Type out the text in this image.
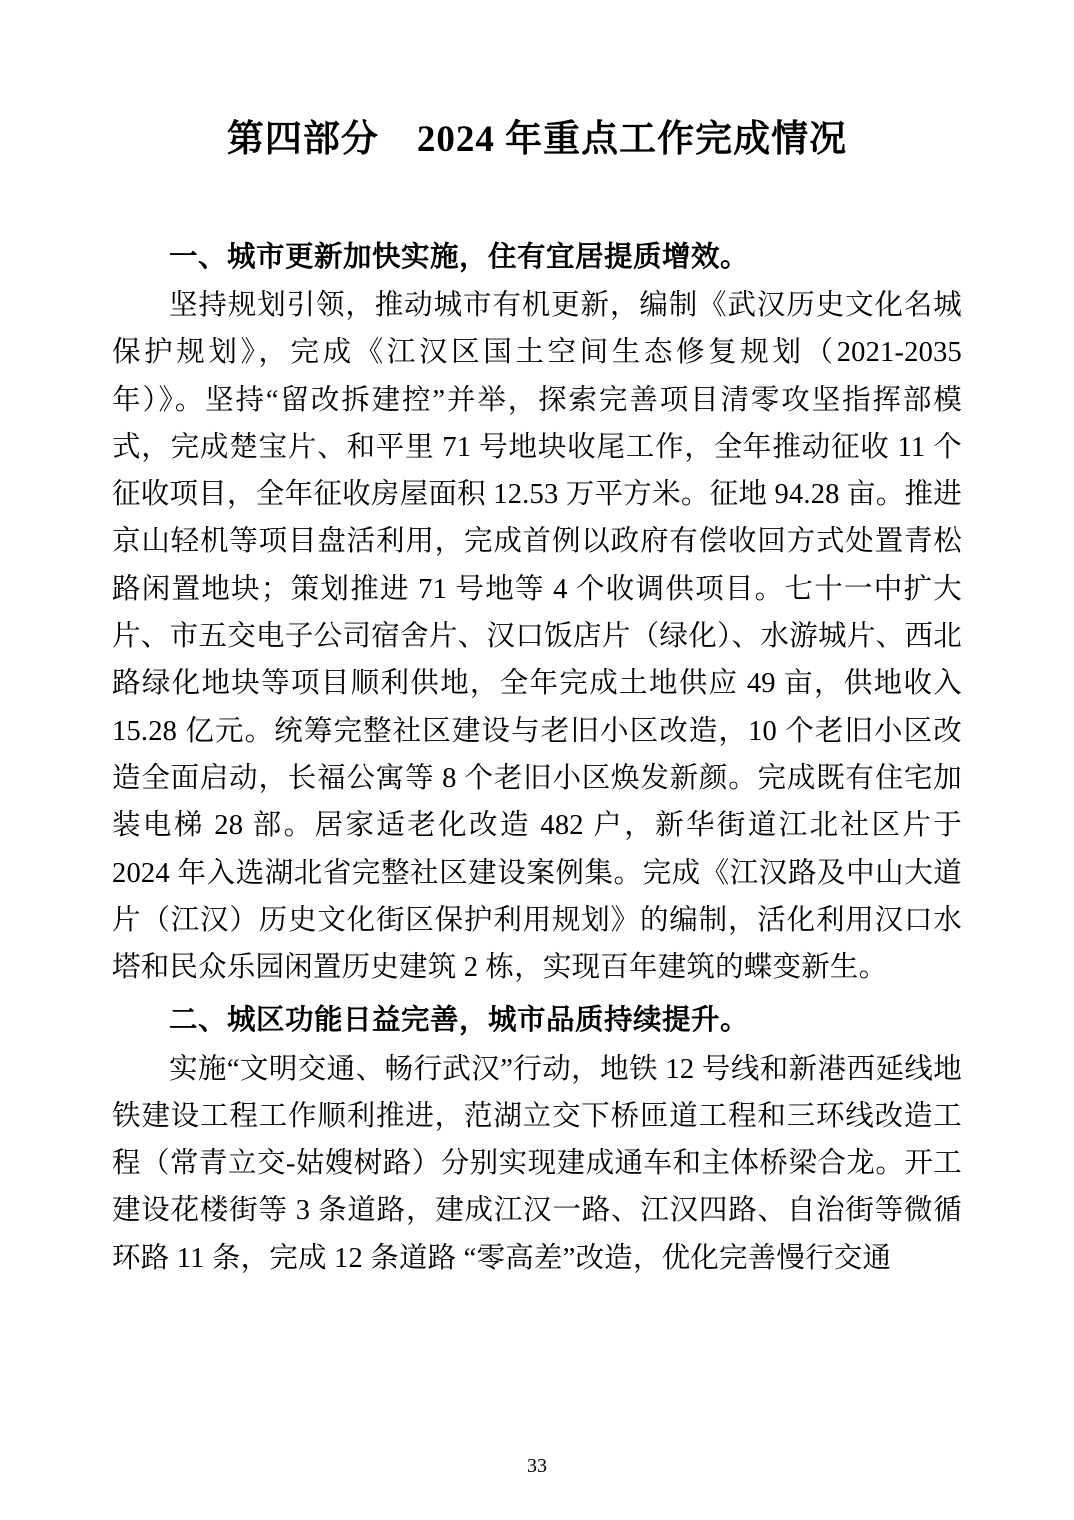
第四部分　2024 年重点工作完成情况
一、城市更新加快实施，住有宜居提质增效。

坚持规划引领，推动城市有机更新，编制《武汉历史文化名城保护规划》，完成《江汉区国土空间生态修复规划（2021-2035 年）》。坚持“留改拆建控”并举，探索完善项目清零攻坚指挥部模式，完成楚宝片、和平里 71 号地块收尾工作，全年推动征收 11 个征收项目，全年征收房屋面积 12.53 万平方米。征地 94.28 亩。推进京山轻机等项目盘活利用，完成首例以政府有偿收回方式处置青松路闲置地块；策划推进 71 号地等 4 个收调供项目。七十一中扩大片、市五交电子公司宿舍片、汉口饭店片（绿化）、水游城片、西北路绿化地块等项目顺利供地，全年完成土地供应 49 亩，供地收入 15.28 亿元。统筹完整社区建设与老旧小区改造，10 个老旧小区改造全面启动，长福公寓等 8 个老旧小区焕发新颜。完成既有住宅加装电梯 28 部。居家适老化改造 482 户，新华街道江北社区片于 2024 年入选湖北省完整社区建设案例集。完成《江汉路及中山大道片（江汉）历史文化街区保护利用规划》的编制，活化利用汉口水塔和民众乐园闲置历史建筑 2 栋，实现百年建筑的蝶变新生。

二、城区功能日益完善，城市品质持续提升。

实施“文明交通、畅行武汉”行动，地铁 12 号线和新港西延线地铁建设工程工作顺利推进，范湖立交下桥匝道工程和三环线改造工程（常青立交-姑嫂树路）分别实现建成通车和主体桥梁合龙。开工建设花楼街等 3 条道路，建成江汉一路、江汉四路、自治街等微循环路 11 条，完成 12 条道路 “零高差”改造，优化完善慢行交通

33
